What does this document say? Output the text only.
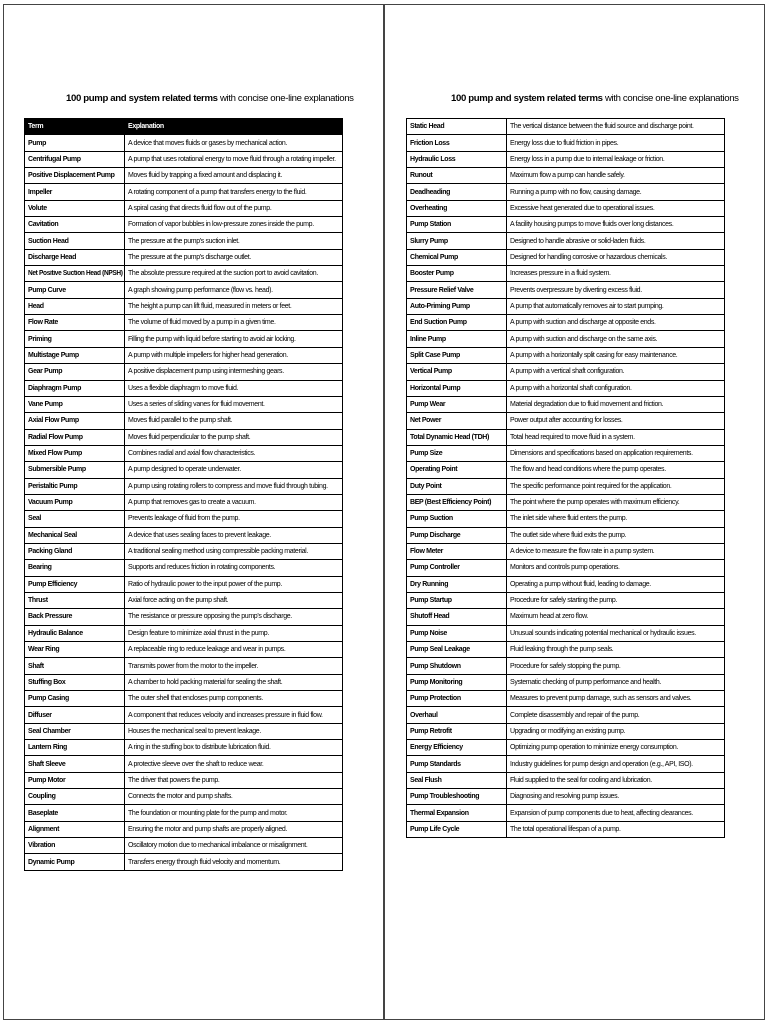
100 pump and system related terms with concise one-line explanations
Term	Explanation
Pump	A device that moves fluids or gases by mechanical action.
Centrifugal Pump	A pump that uses rotational energy to move fluid through a rotating impeller.
Positive Displacement Pump	Moves fluid by trapping a fixed amount and displacing it.
Impeller	A rotating component of a pump that transfers energy to the fluid.
Volute	A spiral casing that directs fluid flow out of the pump.
Cavitation	Formation of vapor bubbles in low-pressure zones inside the pump.
Suction Head	The pressure at the pump's suction inlet.
Discharge Head	The pressure at the pump's discharge outlet.
Net Positive Suction Head (NPSH)	The absolute pressure required at the suction port to avoid cavitation.
Pump Curve	A graph showing pump performance (flow vs. head).
Head	The height a pump can lift fluid, measured in meters or feet.
Flow Rate	The volume of fluid moved by a pump in a given time.
Priming	Filling the pump with liquid before starting to avoid air locking.
Multistage Pump	A pump with multiple impellers for higher head generation.
Gear Pump	A positive displacement pump using intermeshing gears.
Diaphragm Pump	Uses a flexible diaphragm to move fluid.
Vane Pump	Uses a series of sliding vanes for fluid movement.
Axial Flow Pump	Moves fluid parallel to the pump shaft.
Radial Flow Pump	Moves fluid perpendicular to the pump shaft.
Mixed Flow Pump	Combines radial and axial flow characteristics.
Submersible Pump	A pump designed to operate underwater.
Peristaltic Pump	A pump using rotating rollers to compress and move fluid through tubing.
Vacuum Pump	A pump that removes gas to create a vacuum.
Seal	Prevents leakage of fluid from the pump.
Mechanical Seal	A device that uses sealing faces to prevent leakage.
Packing Gland	A traditional sealing method using compressible packing material.
Bearing	Supports and reduces friction in rotating components.
Pump Efficiency	Ratio of hydraulic power to the input power of the pump.
Thrust	Axial force acting on the pump shaft.
Back Pressure	The resistance or pressure opposing the pump's discharge.
Hydraulic Balance	Design feature to minimize axial thrust in the pump.
Wear Ring	A replaceable ring to reduce leakage and wear in pumps.
Shaft	Transmits power from the motor to the impeller.
Stuffing Box	A chamber to hold packing material for sealing the shaft.
Pump Casing	The outer shell that encloses pump components.
Diffuser	A component that reduces velocity and increases pressure in fluid flow.
Seal Chamber	Houses the mechanical seal to prevent leakage.
Lantern Ring	A ring in the stuffing box to distribute lubrication fluid.
Shaft Sleeve	A protective sleeve over the shaft to reduce wear.
Pump Motor	The driver that powers the pump.
Coupling	Connects the motor and pump shafts.
Baseplate	The foundation or mounting plate for the pump and motor.
Alignment	Ensuring the motor and pump shafts are properly aligned.
Vibration	Oscillatory motion due to mechanical imbalance or misalignment.
Dynamic Pump	Transfers energy through fluid velocity and momentum.
100 pump and system related terms with concise one-line explanations
Static Head	The vertical distance between the fluid source and discharge point.
Friction Loss	Energy loss due to fluid friction in pipes.
Hydraulic Loss	Energy loss in a pump due to internal leakage or friction.
Runout	Maximum flow a pump can handle safely.
Deadheading	Running a pump with no flow, causing damage.
Overheating	Excessive heat generated due to operational issues.
Pump Station	A facility housing pumps to move fluids over long distances.
Slurry Pump	Designed to handle abrasive or solid-laden fluids.
Chemical Pump	Designed for handling corrosive or hazardous chemicals.
Booster Pump	Increases pressure in a fluid system.
Pressure Relief Valve	Prevents overpressure by diverting excess fluid.
Auto-Priming Pump	A pump that automatically removes air to start pumping.
End Suction Pump	A pump with suction and discharge at opposite ends.
Inline Pump	A pump with suction and discharge on the same axis.
Split Case Pump	A pump with a horizontally split casing for easy maintenance.
Vertical Pump	A pump with a vertical shaft configuration.
Horizontal Pump	A pump with a horizontal shaft configuration.
Pump Wear	Material degradation due to fluid movement and friction.
Net Power	Power output after accounting for losses.
Total Dynamic Head (TDH)	Total head required to move fluid in a system.
Pump Size	Dimensions and specifications based on application requirements.
Operating Point	The flow and head conditions where the pump operates.
Duty Point	The specific performance point required for the application.
BEP (Best Efficiency Point)	The point where the pump operates with maximum efficiency.
Pump Suction	The inlet side where fluid enters the pump.
Pump Discharge	The outlet side where fluid exits the pump.
Flow Meter	A device to measure the flow rate in a pump system.
Pump Controller	Monitors and controls pump operations.
Dry Running	Operating a pump without fluid, leading to damage.
Pump Startup	Procedure for safely starting the pump.
Shutoff Head	Maximum head at zero flow.
Pump Noise	Unusual sounds indicating potential mechanical or hydraulic issues.
Pump Seal Leakage	Fluid leaking through the pump seals.
Pump Shutdown	Procedure for safely stopping the pump.
Pump Monitoring	Systematic checking of pump performance and health.
Pump Protection	Measures to prevent pump damage, such as sensors and valves.
Overhaul	Complete disassembly and repair of the pump.
Pump Retrofit	Upgrading or modifying an existing pump.
Energy Efficiency	Optimizing pump operation to minimize energy consumption.
Pump Standards	Industry guidelines for pump design and operation (e.g., API, ISO).
Seal Flush	Fluid supplied to the seal for cooling and lubrication.
Pump Troubleshooting	Diagnosing and resolving pump issues.
Thermal Expansion	Expansion of pump components due to heat, affecting clearances.
Pump Life Cycle	The total operational lifespan of a pump.
